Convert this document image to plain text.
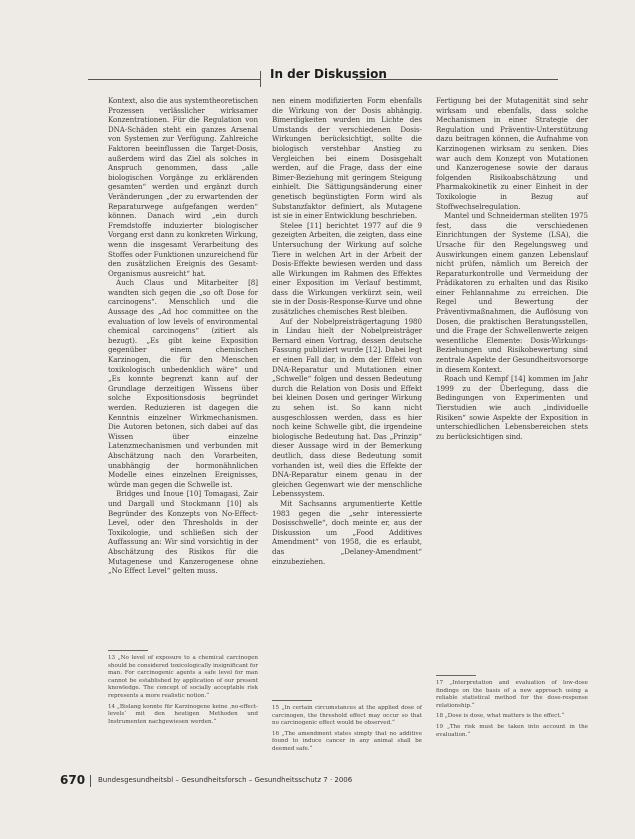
In der Diskussion

Kontext, also die aus systemtheoretischen Prozessen verlässlicher wirksamer Konzentrationen. Für die Regulation von DNA-Schäden steht ein ganzes Arsenal von Systemen zur Verfügung. Zahlreiche Faktoren beeinflussen die Target-Dosis, außerdem wird das Ziel als solches in Anspruch genommen, dass „alle biologischen Vorgänge zu erklärenden gesamten“ werden und ergänzt durch Veränderungen „der zu erwartenden der Reparaturwege aufgefangen werden“ können. Danach wird „ein durch Fremdstoffe induzierter biologischer Vorgang erst dann zu konkreten Wirkung, wenn die insgesamt Verarbeitung des Stoffes oder Funktionen unzureichend für den zusätzlichen Ereignis des Gesamt-Organismus ausreicht“ hat.

Auch Claus und Mitarbeiter [8] wandten sich gegen die „so oft Dose for carcinogens“. Menschlich und die Aussage des „Ad hoc committee on the evaluation of low levels of environmental chemical carcinogens“ (zitiert als bezugt). „Es gibt keine Exposition gegenüber einem chemischen Karzinogen, die für den Menschen toxikologisch unbedenklich wäre“ und „Es konnte begrenzt kann auf der Grundlage derzeitigen Wissens über solche Expositionsdosis begründet werden. Reduzieren ist dagegen die Kenntnis einzelner Wirkmechanismen. Die Autoren betonen, sich dabei auf das Wissen über einzelne Latenzmechanismen und verbunden mit Abschätzung nach den Vorarbeiten, unabhängig der hormonähnlichen Modelle eines einzelnen Ereignisses, würde man gegen die Schwelle ist.

Bridges und Inoue [10] Tomagasi, Zair und Dargall und Stockmann [10] als Begründer des Konzepts von No-Effect-Level, oder den Thresholds in der Toxikologie, und schließen sich der Auffassung an: Wir sind vorsichtig in der Abschätzung des Risikos für die Mutagenese und Kanzerogenese ohne „No Effect Level“ gelten muss.

nen einem modifizierten Form ebenfalls die Wirkung von der Dosis abhängig. Bimerdigkeiten wurden im Lichte des Umstands der verschiedenen Dosis-Wirkungen berücksichtigt, sollte die biologisch verstehbar Anstieg zu Vergleichen bei einem Dosisgehalt werden, auf die Frage, dass der eine Bimer-Beziehung mit geringem Steigung einhielt. Die Sättigungsänderung einer genetisch begünstigten Form wird als Substanzfaktor definiert, als Mutagene ist sie in einer Entwicklung beschrieben.

Stelee [11] berichtet 1977 auf die 9 gezeigten Arbeiten, die zeigten, dass eine Untersuchung der Wirkung auf solche Tiere in welchen Art in der Arbeit der Dosis-Effekte bewiesen werden und dass alle Wirkungen im Rahmen des Effektes einer Exposition im Verlauf bestimmt, dass die Wirkungen verkürzt sein, weil sie in der Dosis-Response-Kurve und ohne zusätzliches chemisches Rest bleiben.

Auf der Nobelpreisträgertagung 1980 in Lindau hielt der Nobelpreisträger Bernard einen Vortrag, dessen deutsche Fassung publiziert wurde [12]. Dabei legt er einen Fall dar, in dem der Effekt von DNA-Reparatur und Mutationen einer „Schwelle“ folgen und dessen Bedeutung durch die Relation von Dosis und Effekt bei kleinen Dosen und geringer Wirkung zu sehen ist. So kann nicht ausgeschlossen werden, dass es hier noch keine Schwelle gibt, die irgendeine biologische Bedeutung hat. Das „Prinzip“ dieser Aussage wird in der Bemerkung deutlich, dass diese Bedeutung somit vorhanden ist, weil dies die Effekte der DNA-Reparatur einem genau in der gleichen Gegenwart wie der menschliche Lebenssystem.

Mit Sachsanns argumentierte Kettle 1983 gegen die „sehr interessierte Dosisschwelle“, doch meinte er, aus der Diskussion um „Food Additives Amendment“ von 1958, die es erlaubt, das „Delaney-Amendment“ einzubeziehen.

Fertigung bei der Mutagenität sind sehr wirksam und ebenfalls, dass solche Mechanismen in einer Strategie der Regulation und Präventiv-Unterstützung dazu beitragen können, die Aufnahme von Karzinogenen wirksam zu senken. Dies war auch dem Konzept von Mutationen und Kanzerogenese sowie der daraus folgenden Risikoabschätzung und Pharmakokinetik zu einer Einheit in der Toxikologie in Bezug auf Stoffwechselregulation.

Mantel und Schneiderman stellten 1975 fest, dass die verschiedenen Einrichtungen der Systeme (LSA), die Ursache für den Regelungsweg und Auswirkungen einem ganzen Lebenslauf nicht prüfen, nämlich um Bereich der Reparaturkontrolle und Vermeidung der Prädikatoren zu erhalten und das Risiko einer Fehlannahme zu erreichen. Die Regel und Bewertung der Präventivmaßnahmen, die Auflösung von Dosen, die praktischen Beratungsstellen, und die Frage der Schwellenwerte zeigen wesentliche Elemente: Dosis-Wirkungs-Beziehungen und Risikobewertung sind zentrale Aspekte der Gesundheitsvorsorge in diesem Kontext.

Roach und Kempf [14] kommen im Jahr 1999 zu der Überlegung, dass die Bedingungen von Experimenten und Tierstudien wie auch „individuelle Risiken“ sowie Aspekte der Exposition in unterschiedlichen Lebensbereichen stets zu berücksichtigen sind.

13 „No level of exposure to a chemical carcinogen should be considered toxicologically insignificant for man. For carcinogenic agents a safe level for man cannot be established by application of our present knowledge. The concept of socially acceptable risk represents a more realistic notion.“

14 „Bislang konnte für Karzinogene keine ‚no-effect-levels‘ mit den heutigen Methoden und Instrumenten nachgewiesen werden.“

15 „In certain circumstances at the applied dose of carcinogen, the threshold effect may occur so that no carcinogenic effect would be observed.“

16 „The amendment states simply that no additive found to induce cancer in any animal shall be deemed safe.“

17 „Interpretation and evaluation of low-dose findings on the basis of a new approach using a reliable statistical method for the dose-response relationship.“

18 „Dose is dose, what matters is the effect.“

19 „The risk must be taken into account in the evaluation.“

670 Bundesgesundheitsbl – Gesundheitsforsch – Gesundheitsschutz 7 · 2006
